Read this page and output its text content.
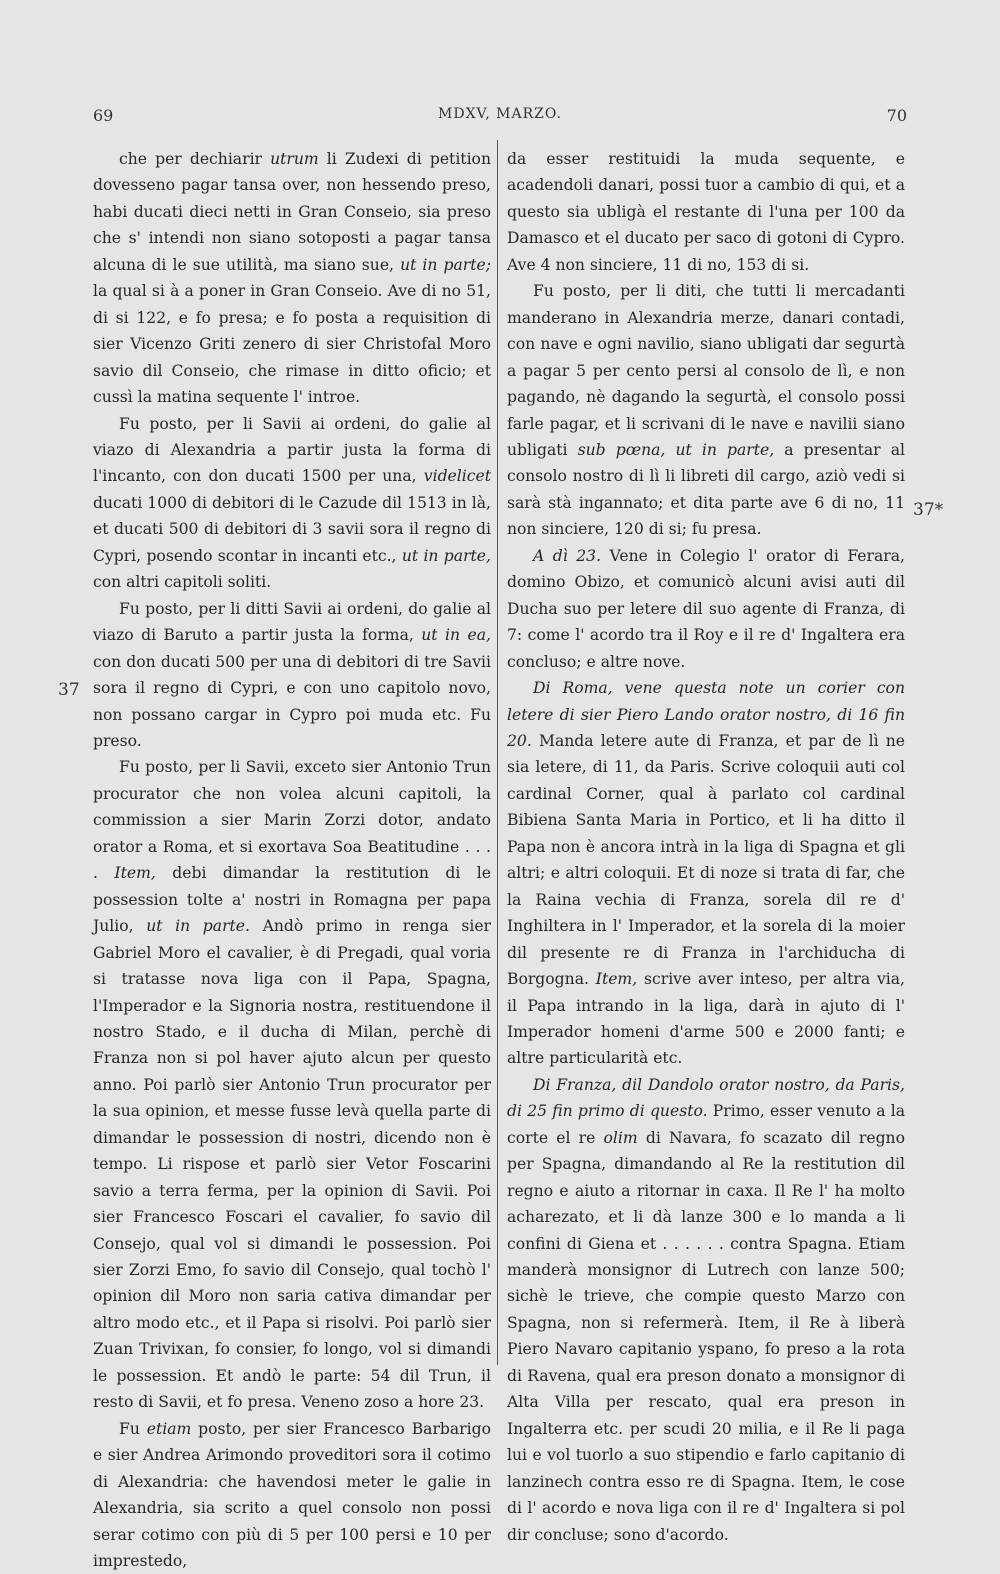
69	MDXV, MARZO.	70
37
37*

che per dechiarir utrum li Zudexi di petition dovesseno pagar tansa over, non hessendo preso, habi ducati dieci netti in Gran Conseio, sia preso che s' intendi non siano sotoposti a pagar tansa alcuna di le sue utilità, ma siano sue, ut in parte; la qual si à a poner in Gran Conseio. Ave di no 51, di si 122, e fo presa; e fo posta a requisition di sier Vicenzo Griti zenero di sier Christofal Moro savio dil Conseio, che rimase in ditto oficio; et cussì la matina sequente l' introe.

Fu posto, per li Savii ai ordeni, do galie al viazo di Alexandria a partir justa la forma di l'incanto, con don ducati 1500 per una, videlicet ducati 1000 di debitori di le Cazude dil 1513 in là, et ducati 500 di debitori di 3 savii sora il regno di Cypri, posendo scontar in incanti etc., ut in parte, con altri capitoli soliti.

Fu posto, per li ditti Savii ai ordeni, do galie al viazo di Baruto a partir justa la forma, ut in ea, con don ducati 500 per una di debitori di tre Savii sora il regno di Cypri, e con uno capitolo novo, non possano cargar in Cypro poi muda etc. Fu preso.

Fu posto, per li Savii, exceto sier Antonio Trun procurator che non volea alcuni capitoli, la commission a sier Marin Zorzi dotor, andato orator a Roma, et si exortava Soa Beatitudine . . . . Item, debi dimandar la restitution di le possession tolte a' nostri in Romagna per papa Julio, ut in parte. Andò primo in renga sier Gabriel Moro el cavalier, è di Pregadi, qual voria si tratasse nova liga con il Papa, Spagna, l'Imperador e la Signoria nostra, restituendone il nostro Stado, e il ducha di Milan, perchè di Franza non si pol haver ajuto alcun per questo anno. Poi parlò sier Antonio Trun procurator per la sua opinion, et messe fusse levà quella parte di dimandar le possession di nostri, dicendo non è tempo. Li rispose et parlò sier Vetor Foscarini savio a terra ferma, per la opinion di Savii. Poi sier Francesco Foscari el cavalier, fo savio dil Consejo, qual vol si dimandi le possession. Poi sier Zorzi Emo, fo savio dil Consejo, qual tochò l' opinion dil Moro non saria cativa dimandar per altro modo etc., et il Papa si risolvi. Poi parlò sier Zuan Trivixan, fo consier, fo longo, vol si dimandi le possession. Et andò le parte: 54 dil Trun, il resto di Savii, et fo presa. Veneno zoso a hore 23.

Fu etiam posto, per sier Francesco Barbarigo e sier Andrea Arimondo proveditori sora il cotimo di Alexandria: che havendosi meter le galie in Alexandria, sia scrito a quel consolo non possi serar cotimo con più di 5 per 100 persi e 10 per imprestedo,

da esser restituidi la muda sequente, e acadendoli danari, possi tuor a cambio di qui, et a questo sia ubligà el restante di l'una per 100 da Damasco et el ducato per saco di gotoni di Cypro. Ave 4 non sinciere, 11 di no, 153 di si.

Fu posto, per li diti, che tutti li mercadanti manderano in Alexandria merze, danari contadi, con nave e ogni navilio, siano ubligati dar segurtà a pagar 5 per cento persi al consolo de lì, e non pagando, nè dagando la segurtà, el consolo possi farle pagar, et li scrivani di le nave e navilii siano ubligati sub pœna, ut in parte, a presentar al consolo nostro di lì li libreti dil cargo, aziò vedi si sarà stà ingannato; et dita parte ave 6 di no, 11 non sinciere, 120 di si; fu presa.

A dì 23. Vene in Colegio l' orator di Ferara, domino Obizo, et comunicò alcuni avisi auti dil Ducha suo per letere dil suo agente di Franza, di 7: come l' acordo tra il Roy e il re d' Ingaltera era concluso; e altre nove.

Di Roma, vene questa note un corier con letere di sier Piero Lando orator nostro, di 16 fin 20. Manda letere aute di Franza, et par de lì ne sia letere, di 11, da Paris. Scrive coloquii auti col cardinal Corner, qual à parlato col cardinal Bibiena Santa Maria in Portico, et li ha ditto il Papa non è ancora intrà in la liga di Spagna et gli altri; e altri coloquii. Et di noze si trata di far, che la Raina vechia di Franza, sorela dil re d' Inghiltera in l' Imperador, et la sorela di la moier dil presente re di Franza in l'archiducha di Borgogna. Item, scrive aver inteso, per altra via, il Papa intrando in la liga, darà in ajuto di l' Imperador homeni d'arme 500 e 2000 fanti; e altre particularità etc.

Di Franza, dil Dandolo orator nostro, da Paris, di 25 fin primo di questo. Primo, esser venuto a la corte el re olim di Navara, fo scazato dil regno per Spagna, dimandando al Re la restitution dil regno e aiuto a ritornar in caxa. Il Re l' ha molto acharezato, et li dà lanze 300 e lo manda a li confini di Giena et . . . . . . contra Spagna. Etiam manderà monsignor di Lutrech con lanze 500; sichè le trieve, che compie questo Marzo con Spagna, non si refermerà. Item, il Re à liberà Piero Navaro capitanio yspano, fo preso a la rota di Ravena, qual era preson donato a monsignor di Alta Villa per rescato, qual era preson in Ingalterra etc. per scudi 20 milia, e il Re li paga lui e vol tuorlo a suo stipendio e farlo capitanio di lanzinech contra esso re di Spagna. Item, le cose di l' acordo e nova liga con il re d' Ingaltera si pol dir concluse; sono d'acordo.
